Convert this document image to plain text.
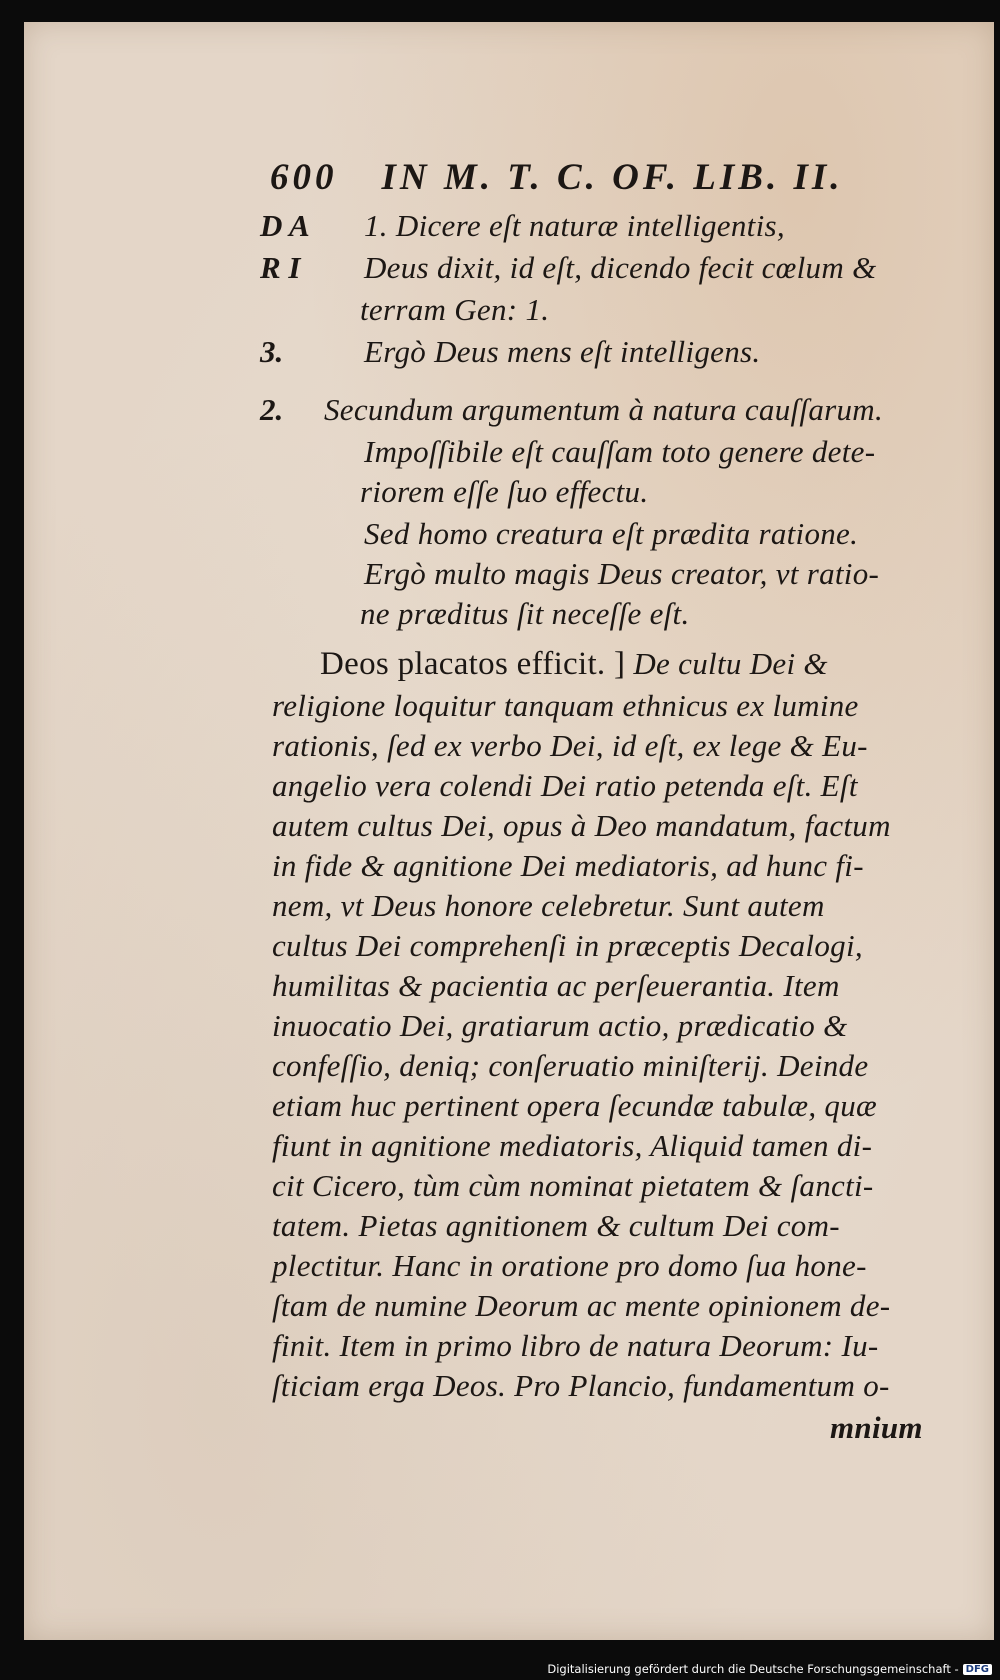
600 IN M. T. C. OF. LIB. II.
D A
R I
3.
2.
1. Dicere eſt naturæ intelligentis,
Deus dixit, id eſt, dicendo fecit cœlum &
terram Gen: 1.
Ergò Deus mens eſt intelligens.
Secundum argumentum à natura cauſſarum.
Impoſſibile eſt cauſſam toto genere dete-
riorem eſſe ſuo effectu.
Sed homo creatura eſt prædita ratione.
Ergò multo magis Deus creator, vt ratio-
ne præditus ſit neceſſe eſt.
Deos placatos efficit. ] De cultu Dei &
religione loquitur tanquam ethnicus ex lumine
rationis, ſed ex verbo Dei, id eſt, ex lege & Eu-
angelio vera colendi Dei ratio petenda eſt. Eſt
autem cultus Dei, opus à Deo mandatum, factum
in fide & agnitione Dei mediatoris, ad hunc fi-
nem, vt Deus honore celebretur. Sunt autem
cultus Dei comprehenſi in præceptis Decalogi,
humilitas & pacientia ac perſeuerantia. Item
inuocatio Dei, gratiarum actio, prædicatio &
confeſſio, deniq; conſeruatio miniſterij. Deinde
etiam huc pertinent opera ſecundæ tabulæ, quæ
fiunt in agnitione mediatoris, Aliquid tamen di-
cit Cicero, tùm cùm nominat pietatem & ſancti-
tatem. Pietas agnitionem & cultum Dei com-
plectitur. Hanc in oratione pro domo ſua hone-
ſtam de numine Deorum ac mente opinionem de-
finit. Item in primo libro de natura Deorum: Iu-
ſticiam erga Deos. Pro Plancio, fundamentum o-
mnium
Digitalisierung gefördert durch die Deutsche Forschungsgemeinschaft - DFG
